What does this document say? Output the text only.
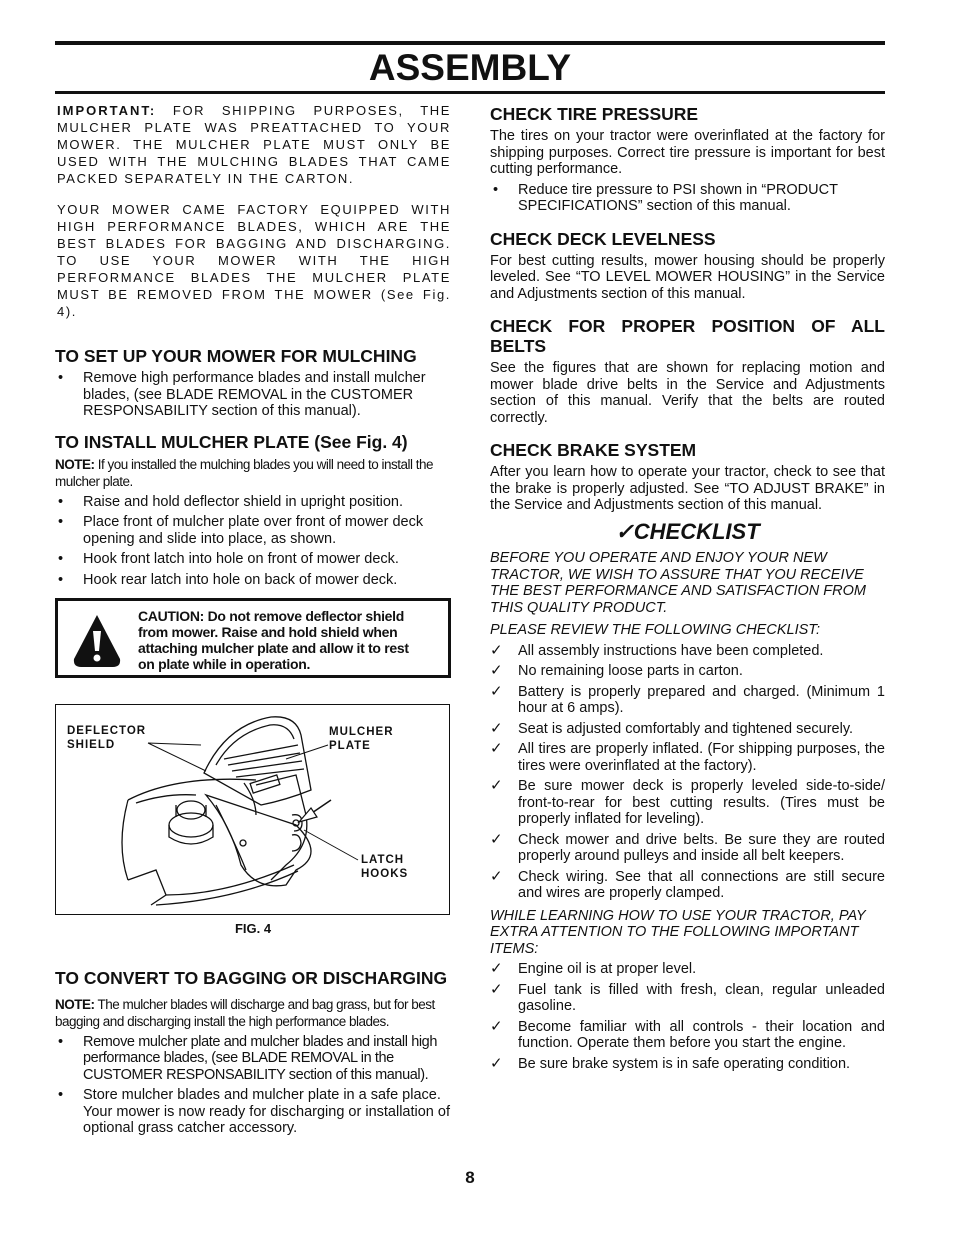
ASSEMBLY
IMPORTANT: FOR SHIPPING PURPOSES, THE MULCHER PLATE WAS PREATTACHED TO YOUR MOWER. THE MULCHER PLATE MUST ONLY BE USED WITH THE MULCHING BLADES THAT CAME PACKED SEPARATELY IN THE CARTON.
YOUR MOWER CAME FACTORY EQUIPPED WITH HIGH PERFORMANCE BLADES, WHICH ARE THE BEST BLADES FOR BAGGING AND DISCHARGING. TO USE YOUR MOWER WITH THE HIGH PERFORMANCE BLADES THE MULCHER PLATE MUST BE REMOVED FROM THE MOWER (See Fig. 4).
TO SET UP YOUR MOWER FOR MULCHING
• Remove high performance blades and install mulcher blades, (see BLADE REMOVAL in the CUSTOMER RESPONSABILITY section of this manual).
TO INSTALL MULCHER PLATE (See Fig. 4)

NOTE: If you installed the mulching blades you will need to install the mulcher plate.

• Raise and hold deflector shield in upright position.
• Place front of mulcher plate over front of mower deck opening and slide into place, as shown.
• Hook front latch into hole on front of mower deck.
• Hook rear latch into hole on back of mower deck.
CAUTION: Do not remove deflector shield from mower. Raise and hold shield when attaching mulcher plate and allow it to rest on plate while in operation.
DEFLECTOR
SHIELD
MULCHER
PLATE
LATCH
HOOKS
FIG. 4
TO CONVERT TO BAGGING OR DISCHARGING

NOTE: The mulcher blades will discharge and bag grass, but for best bagging and discharging install the high performance blades.

• Remove mulcher plate and mulcher blades and install high performance blades, (see BLADE REMOVAL in the CUSTOMER RESPONSABILITY section of this manual).
• Store mulcher blades and mulcher plate in a safe place. Your mower is now ready for discharging or installation of optional grass catcher accessory.
CHECK TIRE PRESSURE

The tires on your tractor were overinflated at the factory for shipping purposes. Correct tire pressure is important for best cutting performance.

• Reduce tire pressure to PSI shown in “PRODUCT SPECIFICATIONS” section of this manual.
CHECK DECK LEVELNESS

For best cutting results, mower housing should be properly leveled. See “TO LEVEL MOWER HOUSING” in the Service and Adjustments section of this manual.

CHECK FOR PROPER POSITION OF ALL BELTS

See the figures that are shown for replacing motion and mower blade drive belts in the Service and Adjustments section of this manual. Verify that the belts are routed correctly.

CHECK BRAKE SYSTEM

After you learn how to operate your tractor, check to see that the brake is properly adjusted. See “TO ADJUST BRAKE” in the Service and Adjustments section of this manual.

✓CHECKLIST

BEFORE YOU OPERATE AND ENJOY YOUR NEW TRACTOR, WE WISH TO ASSURE THAT YOU RECEIVE THE BEST PERFORMANCE AND SATISFACTION FROM THIS QUALITY PRODUCT.

PLEASE REVIEW THE FOLLOWING CHECKLIST:

✓ All assembly instructions have been completed.
✓ No remaining loose parts in carton.
✓ Battery is properly prepared and charged. (Minimum 1 hour at 6 amps).
✓ Seat is adjusted comfortably and tightened securely.
✓ All tires are properly inflated. (For shipping purposes, the tires were overinflated at the factory).
✓ Be sure mower deck is properly leveled side-to-side/ front-to-rear for best cutting results. (Tires must be properly inflated for leveling).
✓ Check mower and drive belts. Be sure they are routed properly around pulleys and inside all belt keepers.
✓ Check wiring. See that all connections are still secure and wires are properly clamped.

WHILE LEARNING HOW TO USE YOUR TRACTOR, PAY EXTRA ATTENTION TO THE FOLLOWING IMPORTANT ITEMS:

✓ Engine oil is at proper level.
✓ Fuel tank is filled with fresh, clean, regular unleaded gasoline.
✓ Become familiar with all controls - their location and function. Operate them before you start the engine.
✓ Be sure brake system is in safe operating condition.
8
